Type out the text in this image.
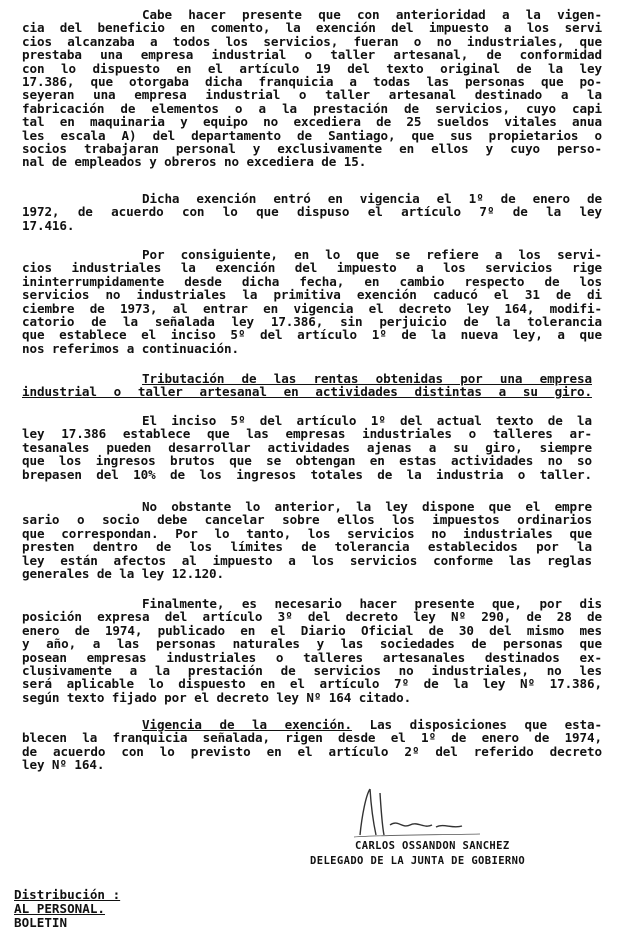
Cabe hacer presente que con anterioridad a la vigen-
cia del beneficio en comento, la exención del impuesto a los servi
cios alcanzaba a todos los servicios, fueran o no industriales, que
prestaba una empresa industrial o taller artesanal, de conformidad
con lo dispuesto en el artículo 19 del texto original de la ley
17.386, que otorgaba dicha franquicia a todas las personas que po-
seyeran una empresa industrial o taller artesanal destinado a la
fabricación de elementos o a la prestación de servicios, cuyo capi
tal en maquinaria y equipo no excediera de 25 sueldos vitales anua
les escala A) del departamento de Santiago, que sus propietarios o
socios trabajaran personal y exclusivamente en ellos y cuyo perso-
nal de empleados y obreros no excediera de 15.
Dicha exención entró en vigencia el 1º de enero de
1972, de acuerdo con lo que dispuso el artículo 7º de la ley
17.416.
Por consiguiente, en lo que se refiere a los servi-
cios industriales la exención del impuesto a los servicios rige
ininterrumpidamente desde dicha fecha, en cambio respecto de los
servicios no industriales la primitiva exención caducó el 31 de di
ciembre de 1973, al entrar en vigencia el decreto ley 164, modifi-
catorio de la señalada ley 17.386, sin perjuicio de la tolerancia
que establece el inciso 5º del artículo 1º de la nueva ley, a que
nos referimos a continuación.
Tributación de las rentas obtenidas por una empresa
industrial o taller artesanal en actividades distintas a su giro.
El inciso 5º del artículo 1º del actual texto de la
ley 17.386 establece que las empresas industriales o talleres ar-
tesanales pueden desarrollar actividades ajenas a su giro, siempre
que los ingresos brutos que se obtengan en estas actividades no so
brepasen del 10% de los ingresos totales de la industria o taller.
No obstante lo anterior, la ley dispone que el empre
sario o socio debe cancelar sobre ellos los impuestos ordinarios
que correspondan. Por lo tanto, los servicios no industriales que
presten dentro de los límites de tolerancia establecidos por la
ley están afectos al impuesto a los servicios conforme las reglas
generales de la ley 12.120.
Finalmente, es necesario hacer presente que, por dis
posición expresa del artículo 3º del decreto ley Nº 290, de 28 de
enero de 1974, publicado en el Diario Oficial de 30 del mismo mes
y año, a las personas naturales y las sociedades de personas que
posean empresas industriales o talleres artesanales destinados ex-
clusivamente a la prestación de servicios no industriales, no les
será aplicable lo dispuesto en el artículo 7º de la ley Nº 17.386,
según texto fijado por el decreto ley Nº 164 citado.
Vigencia de la exención. Las disposiciones que esta-
blecen la franquicia señalada, rigen desde el 1º de enero de 1974,
de acuerdo con lo previsto en el artículo 2º del referido decreto
ley Nº 164.
CARLOS OSSANDON SANCHEZ
DELEGADO DE LA JUNTA DE GOBIERNO
Distribución :
AL PERSONAL.
BOLETIN
